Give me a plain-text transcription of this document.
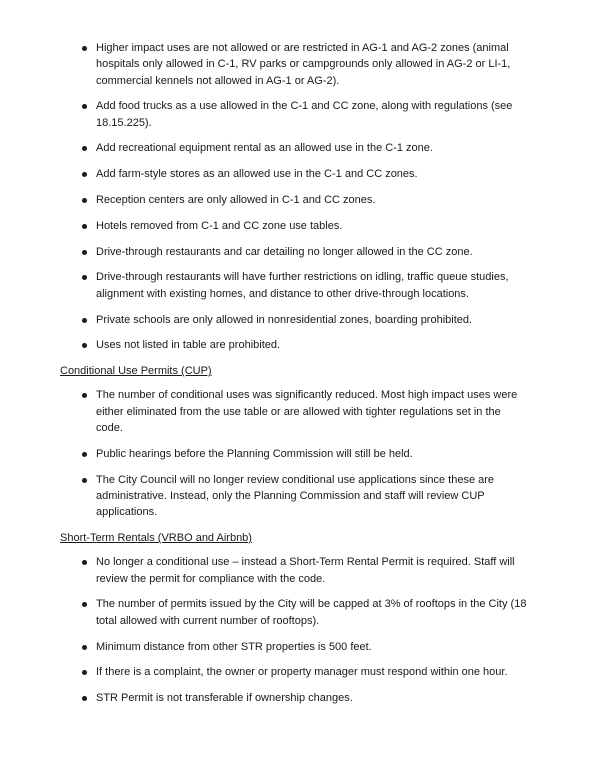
Higher impact uses are not allowed or are restricted in AG-1 and AG-2 zones (animal hospitals only allowed in C-1, RV parks or campgrounds only allowed in AG-2 or LI-1, commercial kennels not allowed in AG-1 or AG-2).
Add food trucks as a use allowed in the C-1 and CC zone, along with regulations (see 18.15.225).
Add recreational equipment rental as an allowed use in the C-1 zone.
Add farm-style stores as an allowed use in the C-1 and CC zones.
Reception centers are only allowed in C-1 and CC zones.
Hotels removed from C-1 and CC zone use tables.
Drive-through restaurants and car detailing no longer allowed in the CC zone.
Drive-through restaurants will have further restrictions on idling, traffic queue studies, alignment with existing homes, and distance to other drive-through locations.
Private schools are only allowed in nonresidential zones, boarding prohibited.
Uses not listed in table are prohibited.
Conditional Use Permits (CUP)
The number of conditional uses was significantly reduced. Most high impact uses were either eliminated from the use table or are allowed with tighter regulations set in the code.
Public hearings before the Planning Commission will still be held.
The City Council will no longer review conditional use applications since these are administrative. Instead, only the Planning Commission and staff will review CUP applications.
Short-Term Rentals (VRBO and Airbnb)
No longer a conditional use – instead a Short-Term Rental Permit is required. Staff will review the permit for compliance with the code.
The number of permits issued by the City will be capped at 3% of rooftops in the City (18 total allowed with current number of rooftops).
Minimum distance from other STR properties is 500 feet.
If there is a complaint, the owner or property manager must respond within one hour.
STR Permit is not transferable if ownership changes.
